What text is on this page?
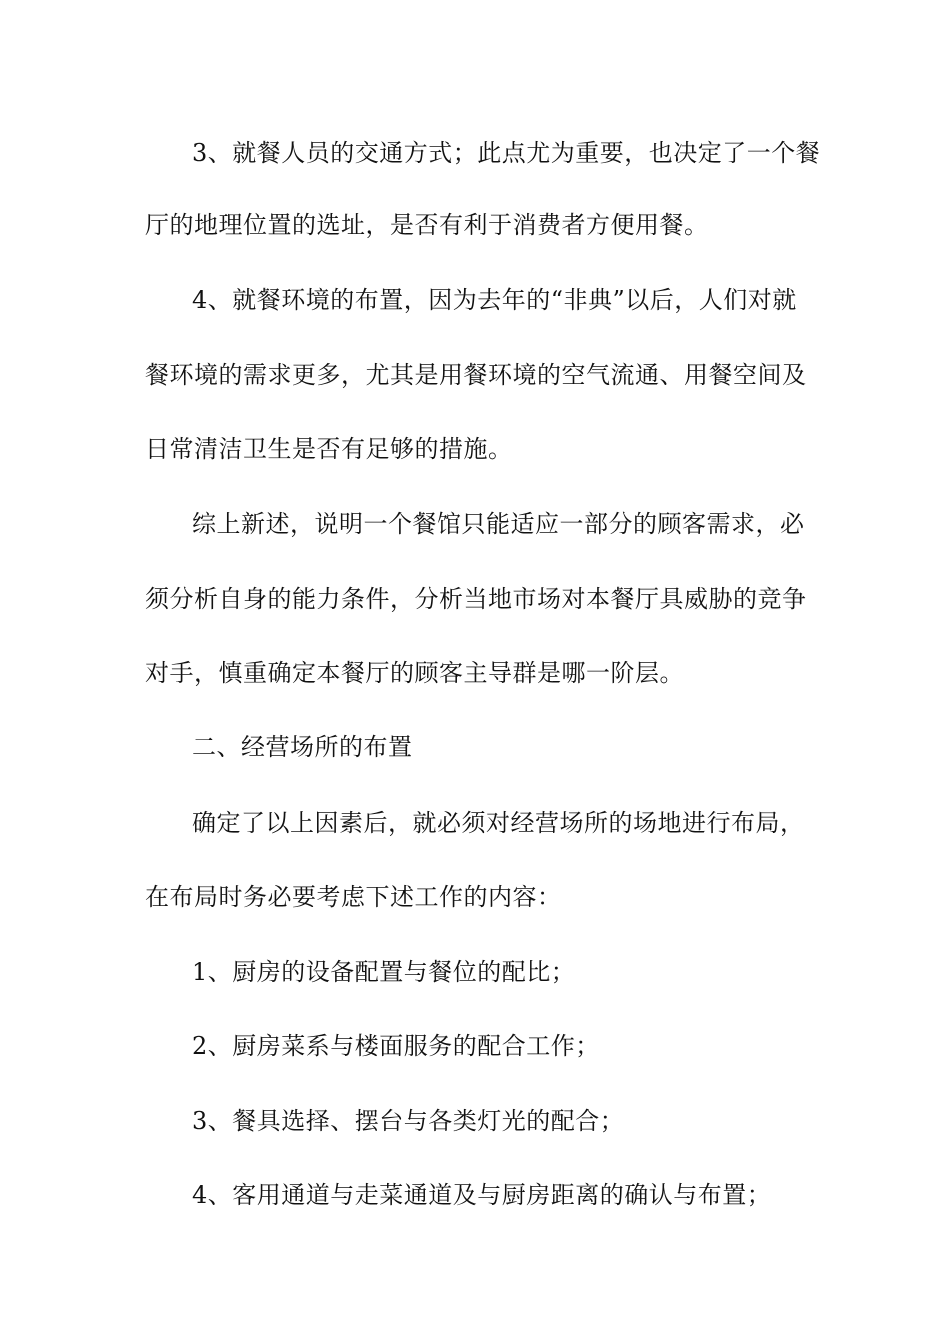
3、就餐人员的交通方式；此点尤为重要，也决定了一个餐
厅的地理位置的选址，是否有利于消费者方便用餐。
4、就餐环境的布置，因为去年的“非典”以后，人们对就
餐环境的需求更多，尤其是用餐环境的空气流通、用餐空间及
日常清洁卫生是否有足够的措施。
综上新述，说明一个餐馆只能适应一部分的顾客需求，必
须分析自身的能力条件，分析当地市场对本餐厅具威胁的竞争
对手，慎重确定本餐厅的顾客主导群是哪一阶层。
二、经营场所的布置
确定了以上因素后，就必须对经营场所的场地进行布局，
在布局时务必要考虑下述工作的内容：
1、厨房的设备配置与餐位的配比；
2、厨房菜系与楼面服务的配合工作；
3、餐具选择、摆台与各类灯光的配合；
4、客用通道与走菜通道及与厨房距离的确认与布置；
